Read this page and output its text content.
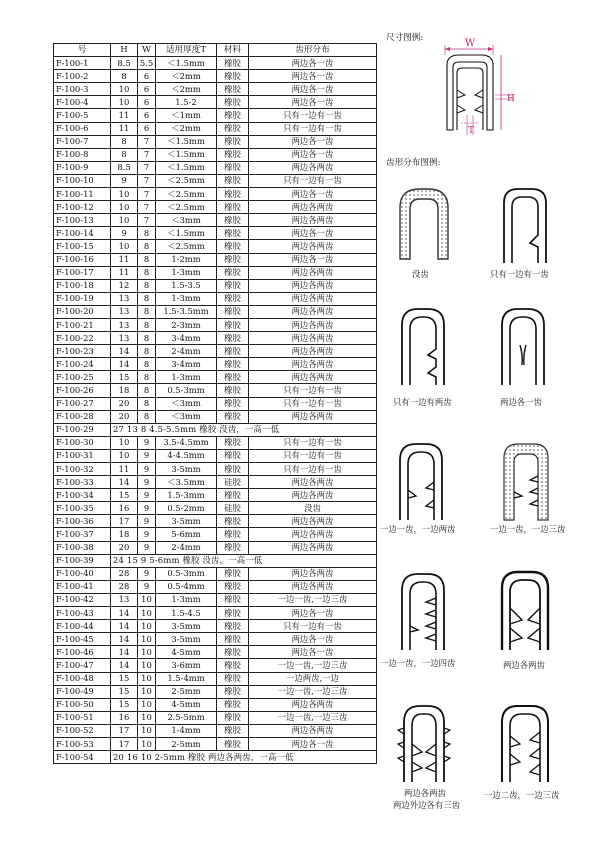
号	H	W	适用厚度T	材料	齿形分布
F-100-1	8.5	5.5	＜1.5mm	橡胶	两边各一齿
F-100-2	8	6	＜2mm	橡胶	两边各一齿
F-100-3	10	6	＜2mm	橡胶	两边各一齿
F-100-4	10	6	1.5-2	橡胶	两边各一齿
F-100-5	11	6	＜1mm	橡胶	只有一边有一齿
F-100-6	11	6	＜2mm	橡胶	只有一边有一齿
F-100-7	8	7	＜1.5mm	橡胶	两边各一齿
F-100-8	8	7	＜1.5mm	橡胶	两边各一齿
F-100-9	8.5	7	＜1.5mm	橡胶	两边各两齿
F-100-10	9	7	＜2.5mm	橡胶	只有一边有一齿
F-100-11	10	7	＜2.5mm	橡胶	两边各一齿
F-100-12	10	7	＜2.5mm	橡胶	两边各两齿
F-100-13	10	7	＜3mm	橡胶	两边各两齿
F-100-14	9	8	＜1.5mm	橡胶	两边各一齿
F-100-15	10	8	＜2.5mm	橡胶	两边各两齿
F-100-16	11	8	1-2mm	橡胶	两边各一齿
F-100-17	11	8	1-3mm	橡胶	两边各两齿
F-100-18	12	8	1.5-3.5	橡胶	两边各两齿
F-100-19	13	8	1-3mm	橡胶	两边各两齿
F-100-20	13	8	1.5-3.5mm	橡胶	两边各两齿
F-100-21	13	8	2-3mm	橡胶	两边各两齿
F-100-22	13	8	3-4mm	橡胶	两边各两齿
F-100-23	14	8	2-4mm	橡胶	两边各两齿
F-100-24	14	8	3-4mm	橡胶	两边各两齿
F-100-25	15	8	1-3mm	橡胶	两边各两齿
F-100-26	18	8	0.5-3mm	橡胶	只有一边有一齿
F-100-27	20	8	＜3mm	橡胶	只有一边有一齿
F-100-28	20	8	＜3mm	橡胶	两边各两齿
F-100-29	27 13 8 4.5-5.5mm 橡胶 没齿，一高一低				
F-100-30	10	9	3.5-4.5mm	橡胶	只有一边有一齿
F-100-31	10	9	4-4.5mm	橡胶	只有一边有一齿
F-100-32	11	9	3-5mm	橡胶	只有一边有一齿
F-100-33	14	9	＜3.5mm	硅胶	两边各两齿
F-100-34	15	9	1.5-3mm	橡胶	两边各两齿
F-100-35	16	9	0.5-2mm	硅胶	没齿
F-100-36	17	9	3-5mm	橡胶	两边各两齿
F-100-37	18	9	5-6mm	橡胶	两边各两齿
F-100-38	20	9	2-4mm	橡胶	两边各两齿
F-100-39	24 15 9 5-6mm 橡胶 没齿，一高一低				
F-100-40	28	9	0.5-3mm	橡胶	两边各两齿
F-100-41	28	9	0.5-4mm	橡胶	两边各两齿
F-100-42	13	10	1-3mm	橡胶	一边一齿,一边三齿
F-100-43	14	10	1.5-4.5	橡胶	两边各一齿
F-100-44	14	10	3-5mm	橡胶	只有一边有一齿
F-100-45	14	10	3-5mm	橡胶	两边各一齿
F-100-46	14	10	4-5mm	橡胶	两边各一齿
F-100-47	14	10	3-6mm	橡胶	一边一齿,一边三齿
F-100-48	15	10	1.5-4mm	橡胶	一边两齿,一边
F-100-49	15	10	2-5mm	橡胶	一边一齿,一边三齿
F-100-50	15	10	4-5mm	橡胶	两边各两齿
F-100-51	16	10	2.5-5mm	橡胶	一边一齿,一边三齿
F-100-52	17	10	1-4mm	橡胶	两边各两齿
F-100-53	17	10	2-5mm	橡胶	两边各一齿
F-100-54	20 16 10 2-5mm 橡胶 两边各两齿，一高一低				
尺寸图例:	W
H
T
齿形分布图例:
没齿	只有一边有一齿
只有一边有两齿	两边各一齿
一边一齿，一边两齿	一边一齿，一边三齿
一边一齿，一边四齿	两边各两齿
两边各两齿
两边外边各有三齿
一边二齿，一边三齿
